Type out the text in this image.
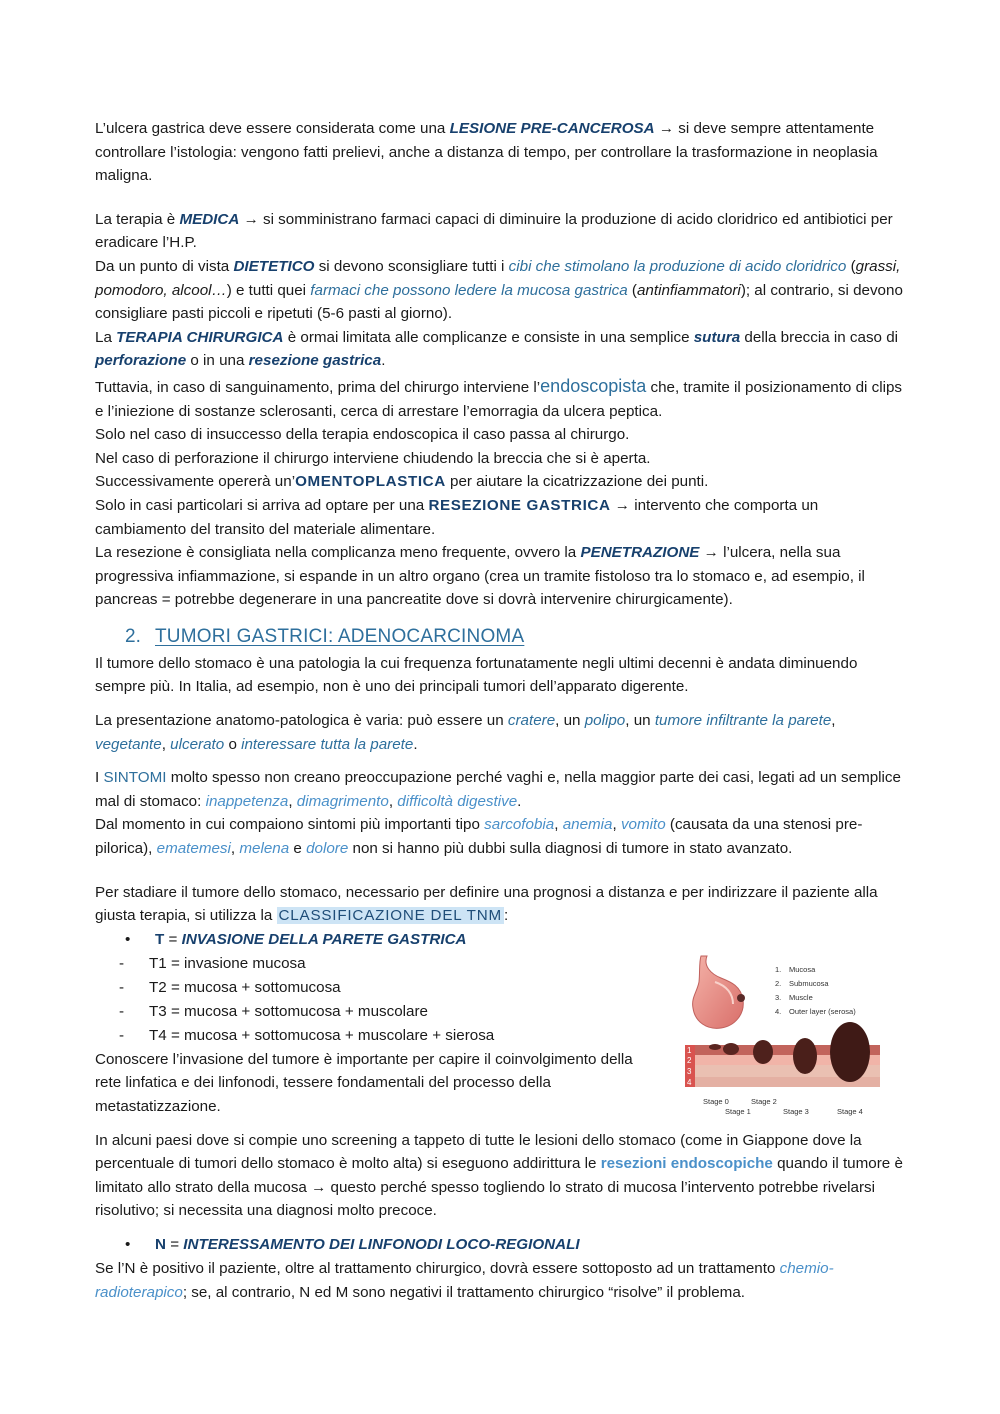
L’ulcera gastrica deve essere considerata come una LESIONE PRE-CANCEROSA → si deve sempre attentamente controllare l’istologia: vengono fatti prelievi, anche a distanza di tempo, per controllare la trasformazione in neoplasia maligna.

La terapia è MEDICA → si somministrano farmaci capaci di diminuire la produzione di acido cloridrico ed antibiotici per eradicare l’H.P.

Da un punto di vista DIETETICO si devono sconsigliare tutti i cibi che stimolano la produzione di acido cloridrico (grassi, pomodoro, alcool…) e tutti quei farmaci che possono ledere la mucosa gastrica (antinfiammatori); al contrario, si devono consigliare pasti piccoli e ripetuti (5-6 pasti al giorno).

La TERAPIA CHIRURGICA è ormai limitata alle complicanze e consiste in una semplice sutura della breccia in caso di perforazione o in una resezione gastrica.

Tuttavia, in caso di sanguinamento, prima del chirurgo interviene l’endoscopista che, tramite il posizionamento di clips e l’iniezione di sostanze sclerosanti, cerca di arrestare l’emorragia da ulcera peptica.

Solo nel caso di insuccesso della terapia endoscopica il caso passa al chirurgo.

Nel caso di perforazione il chirurgo interviene chiudendo la breccia che si è aperta.

Successivamente opererà un’OMENTOPLASTICA per aiutare la cicatrizzazione dei punti.

Solo in casi particolari si arriva ad optare per una RESEZIONE GASTRICA → intervento che comporta un cambiamento del transito del materiale alimentare.

La resezione è consigliata nella complicanza meno frequente, ovvero la PENETRAZIONE → l’ulcera, nella sua progressiva infiammazione, si espande in un altro organo (crea un tramite fistoloso tra lo stomaco e, ad esempio, il pancreas = potrebbe degenerare in una pancreatite dove si dovrà intervenire chirurgicamente).

2. TUMORI GASTRICI: ADENOCARCINOMA

Il tumore dello stomaco è una patologia la cui frequenza fortunatamente negli ultimi decenni è andata diminuendo sempre più. In Italia, ad esempio, non è uno dei principali tumori dell’apparato digerente.

La presentazione anatomo-patologica è varia: può essere un cratere, un polipo, un tumore infiltrante la parete, vegetante, ulcerato o interessare tutta la parete.

I SINTOMI molto spesso non creano preoccupazione perché vaghi e, nella maggior parte dei casi, legati ad un semplice mal di stomaco: inappetenza, dimagrimento, difficoltà digestive.

Dal momento in cui compaiono sintomi più importanti tipo sarcofobia, anemia, vomito (causata da una stenosi pre-pilorica), ematemesi, melena e dolore non si hanno più dubbi sulla diagnosi di tumore in stato avanzato.

Per stadiare il tumore dello stomaco, necessario per definire una prognosi a distanza e per indirizzare il paziente alla giusta terapia, si utilizza la CLASSIFICAZIONE DEL TNM :

•	T = INVASIONE DELLA PARETE GASTRICA
-	T1 = invasione mucosa
-	T2 = mucosa + sottomucosa
-	T3 = mucosa + sottomucosa + muscolare
-	T4 = mucosa + sottomucosa + muscolare + sierosa

Conoscere l’invasione del tumore è importante per capire il coinvolgimento della rete linfatica e dei linfonodi, tessere fondamentali del processo della metastatizzazione.

1. Mucosa
2. Submucosa
3. Muscle
4. Outer layer (serosa)
1
2
3
4
Stage 0
Stage 1
Stage 2
Stage 3	Stage 4

In alcuni paesi dove si compie uno screening a tappeto di tutte le lesioni dello stomaco (come in Giappone dove la percentuale di tumori dello stomaco è molto alta) si eseguono addirittura le resezioni endoscopiche quando il tumore è limitato allo strato della mucosa → questo perché spesso togliendo lo strato di mucosa l’intervento potrebbe rivelarsi risolutivo; si necessita una diagnosi molto precoce.

•	N = INTERESSAMENTO DEI LINFONODI LOCO-REGIONALI

Se l’N è positivo il paziente, oltre al trattamento chirurgico, dovrà essere sottoposto ad un trattamento chemio-radioterapico; se, al contrario, N ed M sono negativi il trattamento chirurgico “risolve” il problema.
